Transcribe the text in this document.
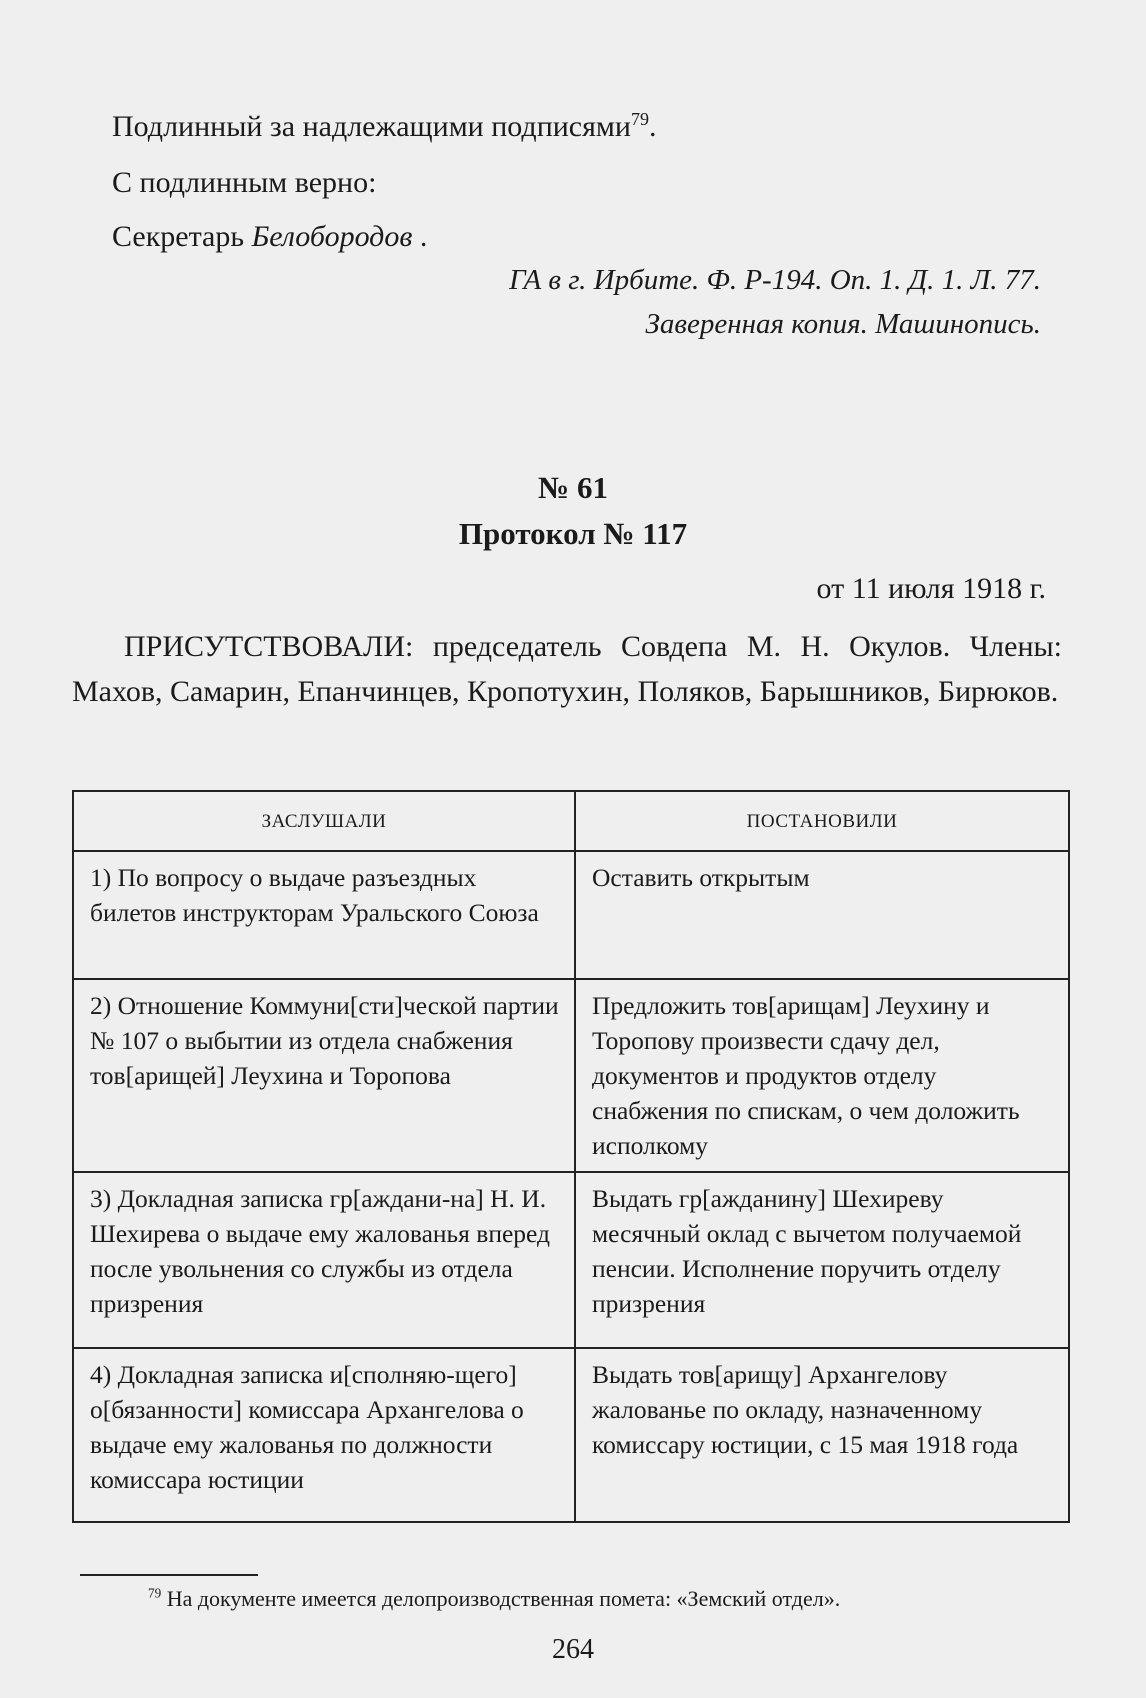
Подлинный за надлежащими подписями$^{79}$.
С подлинным верно:
Секретарь Белобородов .
ГА в г. Ирбите. Ф. Р-194. Оп. 1. Д. 1. Л. 77.
Заверенная копия. Машинопись.
№ 61
Протокол № 117
от 11 июля 1918 г.

ПРИСУТСТВОВАЛИ: председатель Совдепа М. Н. Окулов. Члены: Махов, Самарин, Епанчинцев, Кропотухин, Поляков, Барышников, Бирюков.

ЗАСЛУШАЛИ	ПОСТАНОВИЛИ
1) По вопросу о выдаче разъездных билетов инструкторам Уральского Союза	Оставить открытым
2) Отношение Коммуни[сти]ческой партии № 107 о выбытии из отдела снабжения тов[арищей] Леухина и Торопова	Предложить тов[арищам] Леухину и Торопову произвести сдачу дел, документов и продуктов отделу снабжения по спискам, о чем доложить исполкому
3) Докладная записка гр[аждани-на] Н. И. Шехирева о выдаче ему жалованья вперед после увольнения со службы из отдела призрения	Выдать гр[ажданину] Шехиреву месячный оклад с вычетом получаемой пенсии. Исполнение поручить отделу призрения
4) Докладная записка и[сполняю-щего] о[бязанности] комиссара Архангелова о выдаче ему жалованья по должности комиссара юстиции	Выдать тов[арищу] Архангелову жалованье по окладу, назначенному комиссару юстиции, с 15 мая 1918 года
$^{79}$ На документе имеется делопроизводственная помета: «Земский отдел».
264
